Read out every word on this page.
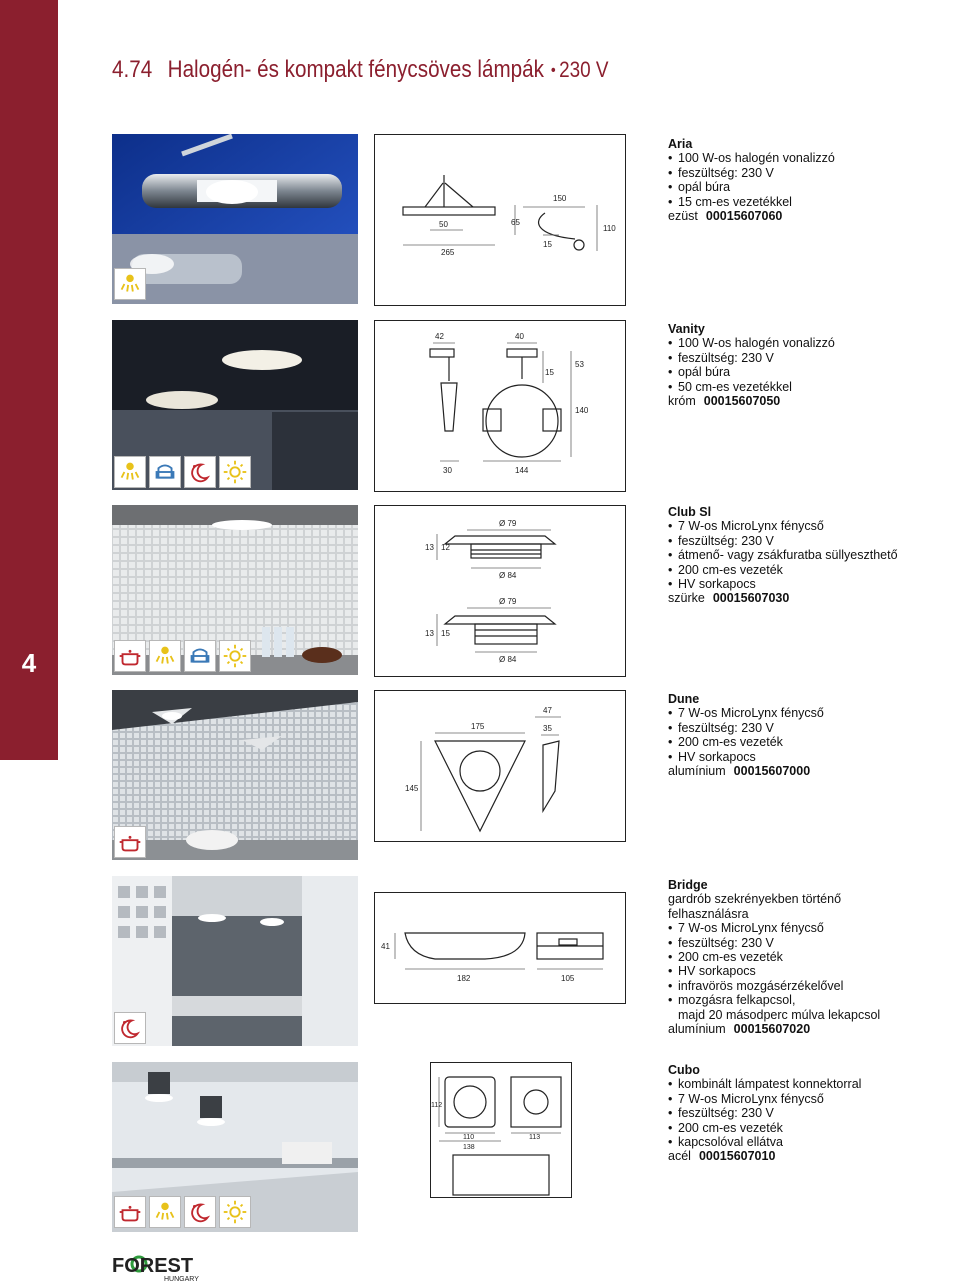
4
4.74 Halogén- és kompakt fénycsöves lámpák • 230 V
150
65
50
265
15
110
Aria
• 100 W-os halogén vonalizzó
• feszültség: 230 V
• opál búra
• 15 cm-es vezetékkel
ezüst 00015607060
42	40
15
53
140
30	144
Vanity
• 100 W-os halogén vonalizzó
• feszültség: 230 V
• opál búra
• 50 cm-es vezetékkel
króm 00015607050
Ø 79
13 12
Ø 84
Ø 79
13 15
Ø 84
Club Sl
• 7 W-os MicroLynx fénycső
• feszültség: 230 V
• átmenő- vagy zsákfuratba süllyeszthető
• 200 cm-es vezeték
• HV sorkapocs
szürke 00015607030
175
47
35
145
Dune
• 7 W-os MicroLynx fénycső
• feszültség: 230 V
• 200 cm-es vezeték
• HV sorkapocs
alumínium 00015607000
41
182	105
Bridge
gardrób szekrényekben történő
felhasználásra
• 7 W-os MicroLynx fénycső
• feszültség: 230 V
• 200 cm-es vezeték
• HV sorkapocs
• infravörös mozgásérzékelővel
• mozgásra felkapcsol,
majd 20 másodperc múlva lekapcsol
alumínium 00015607020
112
110
138
113
Cubo
• kombinált lámpatest konnektorral
• 7 W-os MicroLynx fénycső
• feszültség: 230 V
• 200 cm-es vezeték
• kapcsolóval ellátva
acél 00015607010
FOREST
HUNGARY
